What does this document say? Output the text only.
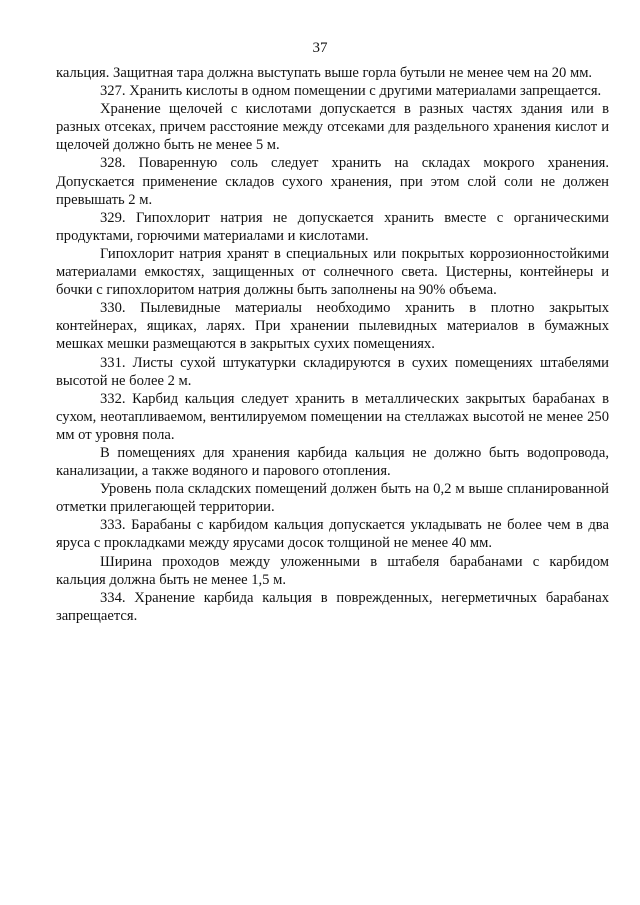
37

кальция. Защитная тара должна выступать выше горла бутыли не менее чем на 20 мм.

327. Хранить кислоты в одном помещении с другими материалами запрещается.

Хранение щелочей с кислотами допускается в разных частях здания или в разных отсеках, причем расстояние между отсеками для раздельного хранения кислот и щелочей должно быть не менее 5 м.

328. Поваренную соль следует хранить на складах мокрого хранения. Допускается применение складов сухого хранения, при этом слой соли не должен превышать 2 м.

329. Гипохлорит натрия не допускается хранить вместе с органическими продуктами, горючими материалами и кислотами.

Гипохлорит натрия хранят в специальных или покрытых коррозионностойкими материалами емкостях, защищенных от солнечного света. Цистерны, контейнеры и бочки с гипохлоритом натрия должны быть заполнены на 90% объема.

330. Пылевидные материалы необходимо хранить в плотно закрытых контейнерах, ящиках, ларях. При хранении пылевидных материалов в бумажных мешках мешки размещаются в закрытых сухих помещениях.

331. Листы сухой штукатурки складируются в сухих помещениях штабелями высотой не более 2 м.

332. Карбид кальция следует хранить в металлических закрытых барабанах в сухом, неотапливаемом, вентилируемом помещении на стеллажах высотой не менее 250 мм от уровня пола.

В помещениях для хранения карбида кальция не должно быть водопровода, канализации, а также водяного и парового отопления.

Уровень пола складских помещений должен быть на 0,2 м выше спланированной отметки прилегающей территории.

333. Барабаны с карбидом кальция допускается укладывать не более чем в два яруса с прокладками между ярусами досок толщиной не менее 40 мм.

Ширина проходов между уложенными в штабеля барабанами с карбидом кальция должна быть не менее 1,5 м.

334. Хранение карбида кальция в поврежденных, негерметичных барабанах запрещается.
